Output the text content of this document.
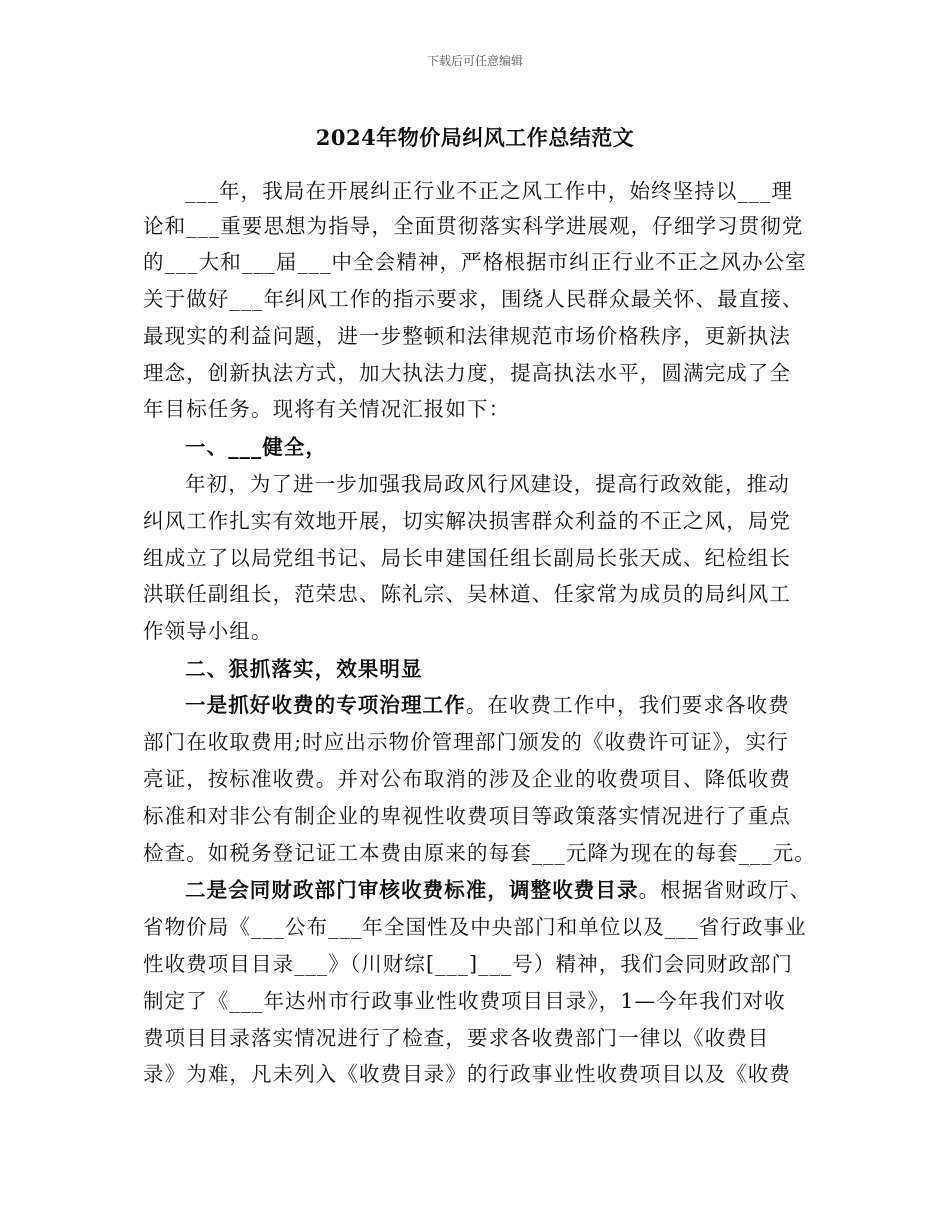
下载后可任意编辑
2024年物价局纠风工作总结范文
___年，我局在开展纠正行业不正之风工作中，始终坚持以___理
论和___重要思想为指导，全面贯彻落实科学进展观，仔细学习贯彻党
的___大和___届___中全会精神，严格根据市纠正行业不正之风办公室
关于做好___年纠风工作的指示要求，围绕人民群众最关怀、最直接、
最现实的利益问题，进一步整顿和法律规范市场价格秩序，更新执法
理念，创新执法方式，加大执法力度，提高执法水平，圆满完成了全
年目标任务。现将有关情况汇报如下：
一、___健全，
年初，为了进一步加强我局政风行风建设，提高行政效能，推动
纠风工作扎实有效地开展，切实解决损害群众利益的不正之风，局党
组成立了以局党组书记、局长申建国任组长副局长张天成、纪检组长
洪联任副组长，范荣忠、陈礼宗、吴林道、任家常为成员的局纠风工
作领导小组。
二、狠抓落实，效果明显
一是抓好收费的专项治理工作。在收费工作中，我们要求各收费
部门在收取费用;时应出示物价管理部门颁发的《收费许可证》，实行
亮证，按标准收费。并对公布取消的涉及企业的收费项目、降低收费
标准和对非公有制企业的卑视性收费项目等政策落实情况进行了重点
检查。如税务登记证工本费由原来的每套___元降为现在的每套___元。
二是会同财政部门审核收费标准，调整收费目录。根据省财政厅、
省物价局《___公布___年全国性及中央部门和单位以及___省行政事业
性收费项目目录___》（川财综[___]___号）精神，我们会同财政部门
制定了《___年达州市行政事业性收费项目目录》，1—今年我们对收
费项目目录落实情况进行了检查，要求各收费部门一律以《收费目
录》为难，凡未列入《收费目录》的行政事业性收费项目以及《收费
